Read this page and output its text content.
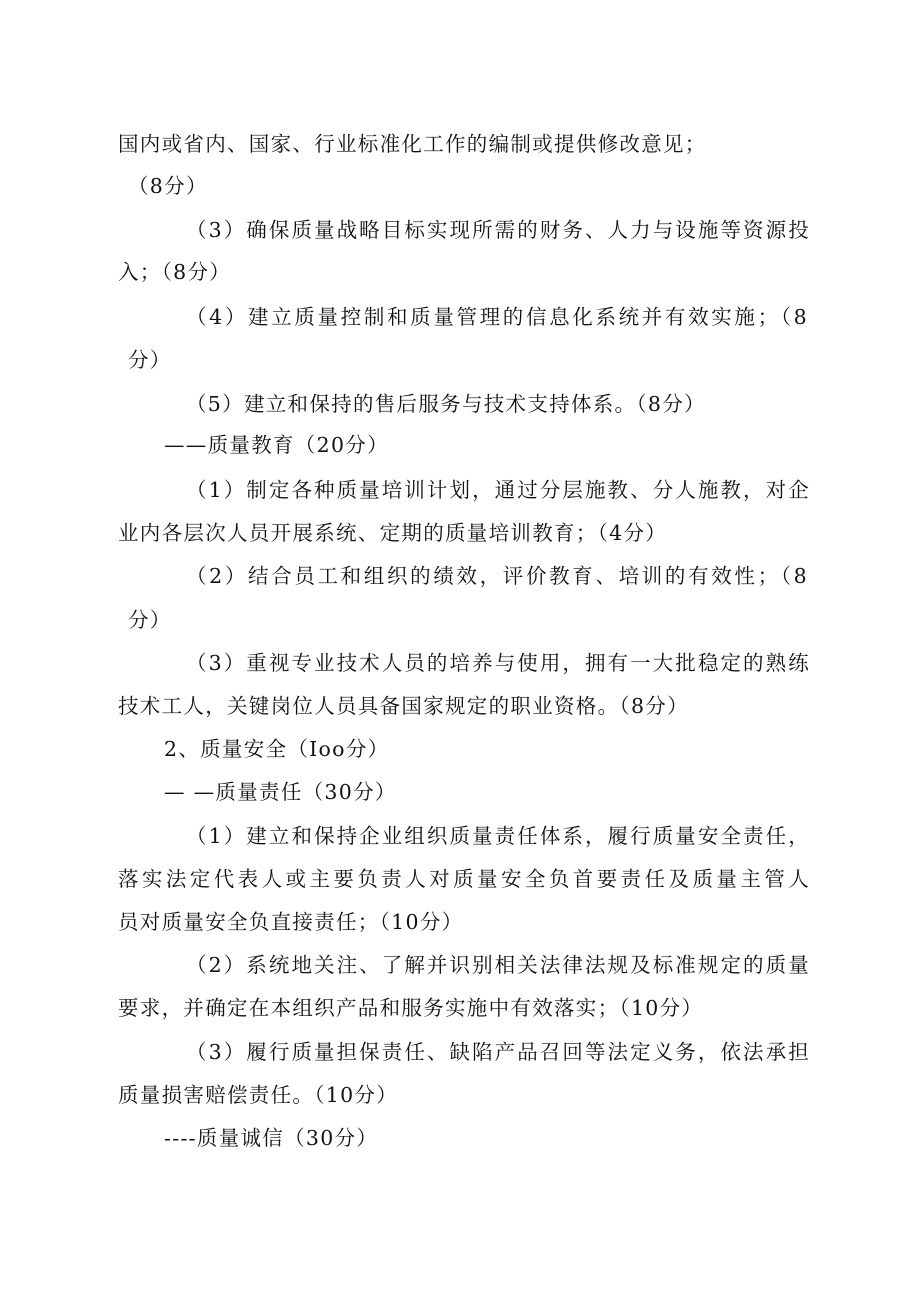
国内或省内、国家、行业标准化工作的编制或提供修改意见；
（8分）
（3）确保质量战略目标实现所需的财务、人力与设施等资源投
入；（8分）
（4）建立质量控制和质量管理的信息化系统并有效实施；（8
分）
（5）建立和保持的售后服务与技术支持体系。（8分）
——质量教育（20分）
（1）制定各种质量培训计划，通过分层施教、分人施教，对企
业内各层次人员开展系统、定期的质量培训教育；（4分）
（2）结合员工和组织的绩效，评价教育、培训的有效性；（8
分）
（3）重视专业技术人员的培养与使用，拥有一大批稳定的熟练
技术工人，关键岗位人员具备国家规定的职业资格。（8分）
2、质量安全（Ioo分）
— —质量责任（30分）
（1）建立和保持企业组织质量责任体系，履行质量安全责任，
落实法定代表人或主要负责人对质量安全负首要责任及质量主管人
员对质量安全负直接责任；（10分）
（2）系统地关注、了解并识别相关法律法规及标准规定的质量
要求，并确定在本组织产品和服务实施中有效落实；（10分）
（3）履行质量担保责任、缺陷产品召回等法定义务，依法承担
质量损害赔偿责任。（10分）
----质量诚信（30分）
